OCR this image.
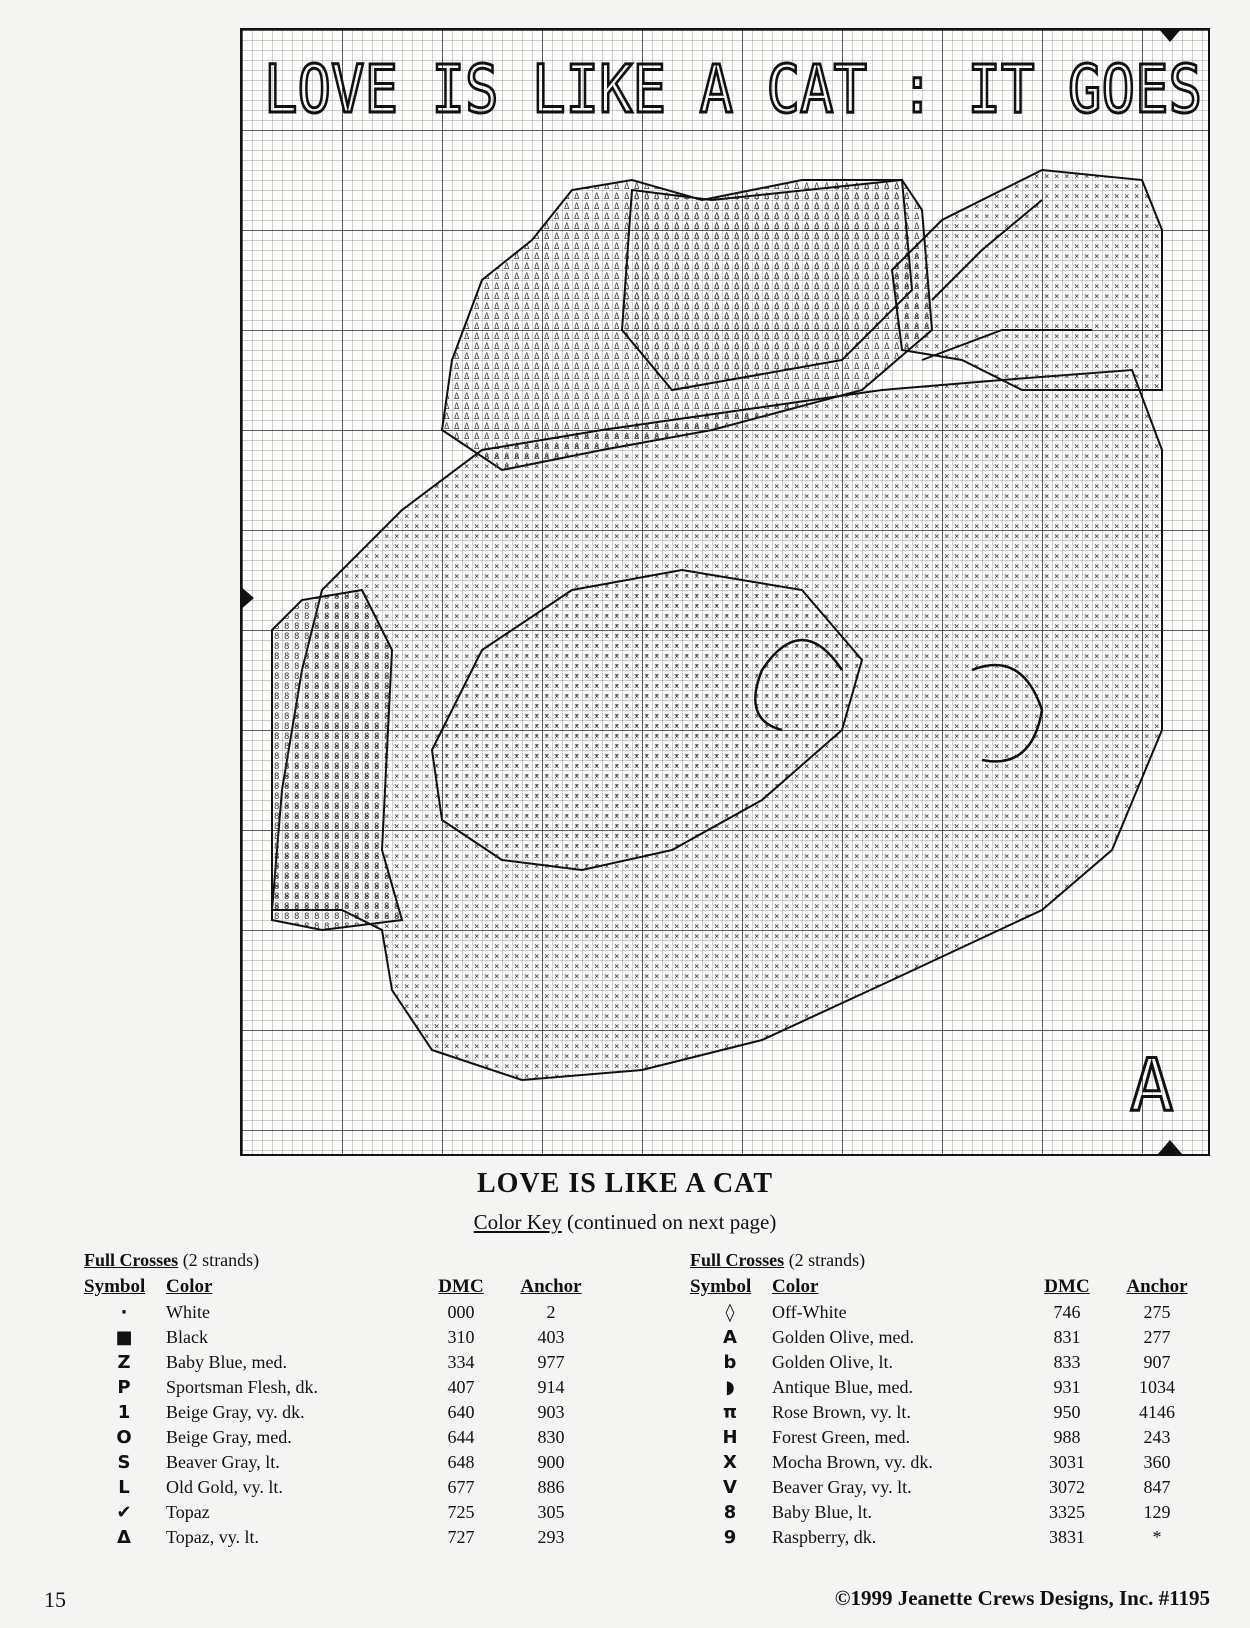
LOVE IS LIKE A CAT : IT GOES
A
LOVE IS LIKE A CAT
Color Key (continued on next page)
Full Crosses (2 strands)
Symbol	Color	DMC	Anchor
·	White	000	2
■	Black	310	403
Z	Baby Blue, med.	334	977
P	Sportsman Flesh, dk.	407	914
1	Beige Gray, vy. dk.	640	903
O	Beige Gray, med.	644	830
S	Beaver Gray, lt.	648	900
L	Old Gold, vy. lt.	677	886
✔	Topaz	725	305
Δ	Topaz, vy. lt.	727	293
Full Crosses (2 strands)
Symbol	Color	DMC	Anchor
◊	Off-White	746	275
A	Golden Olive, med.	831	277
b	Golden Olive, lt.	833	907
◗	Antique Blue, med.	931	1034
π	Rose Brown, vy. lt.	950	4146
H	Forest Green, med.	988	243
X	Mocha Brown, vy. dk.	3031	360
V	Beaver Gray, vy. lt.	3072	847
8	Baby Blue, lt.	3325	129
9	Raspberry, dk.	3831	*
15	©1999 Jeanette Crews Designs, Inc. #1195
